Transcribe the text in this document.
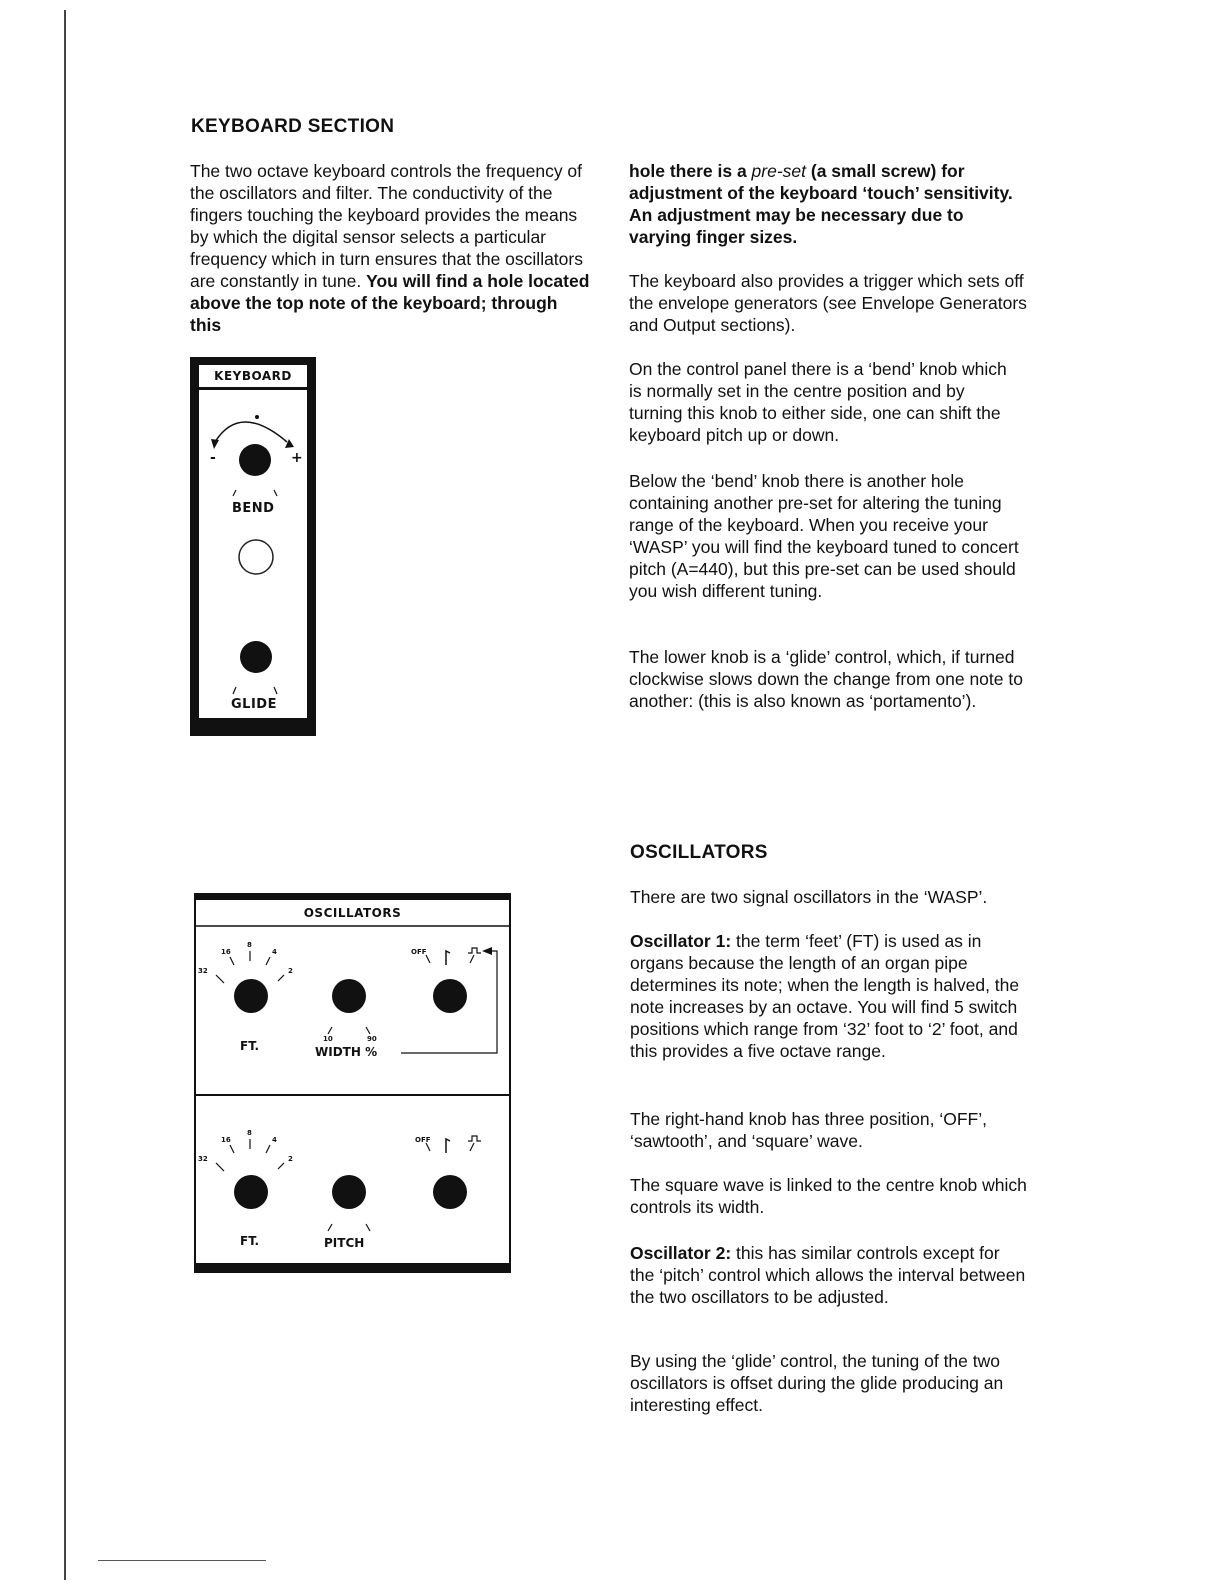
KEYBOARD SECTION

The two octave keyboard controls the frequency of the oscillators and filter. The conductivity of the fingers touching the keyboard provides the means by which the digital sensor selects a particular frequency which in turn ensures that the oscillators are constantly in tune. You will find a hole located above the top note of the keyboard; through this

hole there is a pre-set (a small screw) for adjustment of the keyboard ‘touch’ sensitivity. An adjustment may be necessary due to varying finger sizes.

The keyboard also provides a trigger which sets off the envelope generators (see Envelope Generators and Output sections).

On the control panel there is a ‘bend’ knob which is normally set in the centre position and by turning this knob to either side, one can shift the keyboard pitch up or down.

Below the ‘bend’ knob there is another hole containing another pre-set for altering the tuning range of the keyboard. When you receive your ‘WASP’ you will find the keyboard tuned to concert pitch (A=440), but this pre-set can be used should you wish different tuning.

The lower knob is a ‘glide’ control, which, if turned clockwise slows down the change from one note to another: (this is also known as ‘portamento’).

KEYBOARD
-	+
BEND
GLIDE
OSCILLATORS

There are two signal oscillators in the ‘WASP’.

Oscillator 1: the term ‘feet’ (FT) is used as in organs because the length of an organ pipe determines its note; when the length is halved, the note increases by an octave. You will find 5 switch positions which range from ‘32’ foot to ‘2’ foot, and this provides a five octave range.

The right-hand knob has three position, ‘OFF’, ‘sawtooth’, and ‘square’ wave.

The square wave is linked to the centre knob which controls its width.

Oscillator 2: this has similar controls except for the ‘pitch’ control which allows the interval between the two oscillators to be adjusted.

By using the ‘glide’ control, the tuning of the two oscillators is offset during the glide producing an interesting effect.

OSCILLATORS
32
16
8
4
2
FT.	10	90
WIDTH %
OFF
32
16
8
4
2
FT.	PITCH
OFF
